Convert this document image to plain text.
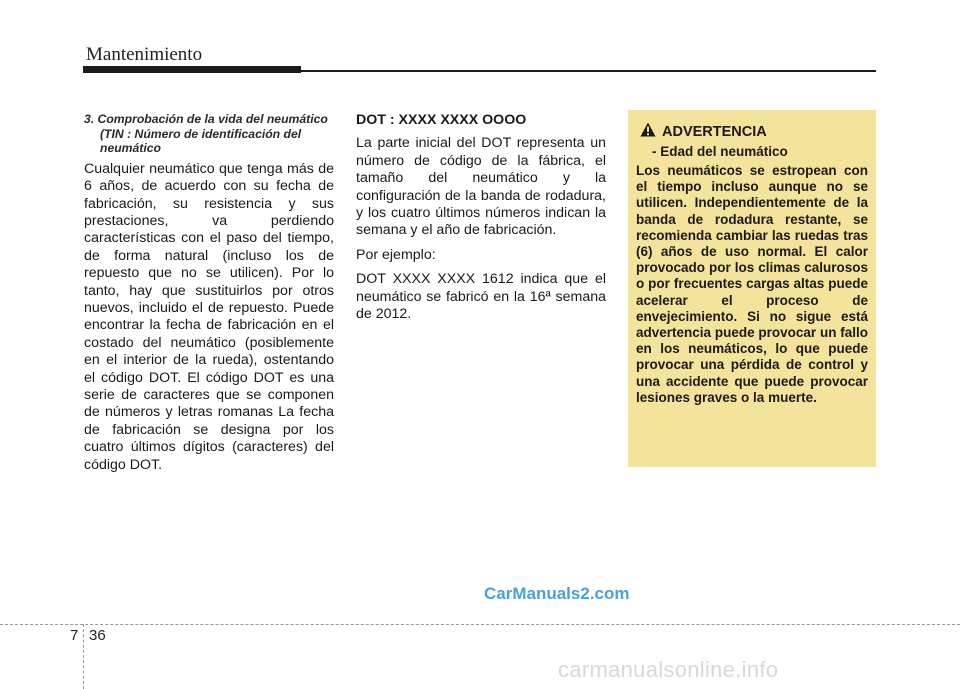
Mantenimiento
3. Comprobación de la vida del neumático (TIN : Número de identificación del neumático

Cualquier neumático que tenga más de 6 años, de acuerdo con su fecha de fabricación, su resistencia y sus prestaciones, va perdiendo características con el paso del tiempo, de forma natural (incluso los de repuesto que no se utilicen). Por lo tanto, hay que sustituirlos por otros nuevos, incluido el de repuesto. Puede encontrar la fecha de fabricación en el costado del neumático (posiblemente en el interior de la rueda), ostentando el código DOT. El código DOT es una serie de caracteres que se componen de números y letras romanas La fecha de fabricación se designa por los cuatro últimos dígitos (caracteres) del código DOT.

DOT : XXXX XXXX OOOO

La parte inicial del DOT representa un número de código de la fábrica, el tamaño del neumático y la configuración de la banda de rodadura, y los cuatro últimos números indican la semana y el año de fabricación.

Por ejemplo:

DOT XXXX XXXX 1612 indica que el neumático se fabricó en la 16ª semana de 2012.

ADVERTENCIA
- Edad del neumático

Los neumáticos se estropean con el tiempo incluso aunque no se utilicen. Independientemente de la banda de rodadura restante, se recomienda cambiar las ruedas tras (6) años de uso normal. El calor provocado por los climas calurosos o por frecuentes cargas altas puede acelerar el proceso de envejecimiento. Si no sigue está advertencia puede provocar un fallo en los neumáticos, lo que puede provocar una pérdida de control y una accidente que puede provocar lesiones graves o la muerte.

CarManuals2.com
7 36
carmanualsonline.info
